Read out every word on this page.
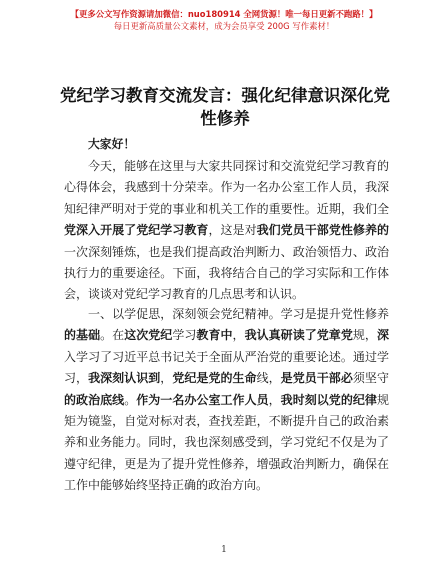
【更多公文写作资源请加微信：nuo180914 全网货源！唯一每日更新不跑路！】
每日更新高质量公文素材，成为会员享受 200G 写作素材！
党纪学习教育交流发言：强化纪律意识深化党性修养
大家好！

今天，能够在这里与大家共同探讨和交流党纪学习教育的心得体会，我感到十分荣幸。作为一名办公室工作人员，我深知纪律严明对于党的事业和机关工作的重要性。近期，我们全党深入开展了党纪学习教育，这是对我们党员干部党性修养的一次深刻锤炼，也是我们提高政治判断力、政治领悟力、政治执行力的重要途径。下面，我将结合自己的学习实际和工作体会，谈谈对党纪学习教育的几点思考和认识。

一、以学促思，深刻领会党纪精神。学习是提升党性修养的基础。在这次党纪学习教育中，我认真研读了党章党规，深入学习了习近平总书记关于全面从严治党的重要论述。通过学习，我深刻认识到，党纪是党的生命线，是党员干部必须坚守的政治底线。作为一名办公室工作人员，我时刻以党的纪律规矩为镜鉴，自觉对标对表，查找差距，不断提升自己的政治素养和业务能力。同时，我也深刻感受到，学习党纪不仅是为了遵守纪律，更是为了提升党性修养，增强政治判断力，确保在工作中能够始终坚持正确的政治方向。

1
